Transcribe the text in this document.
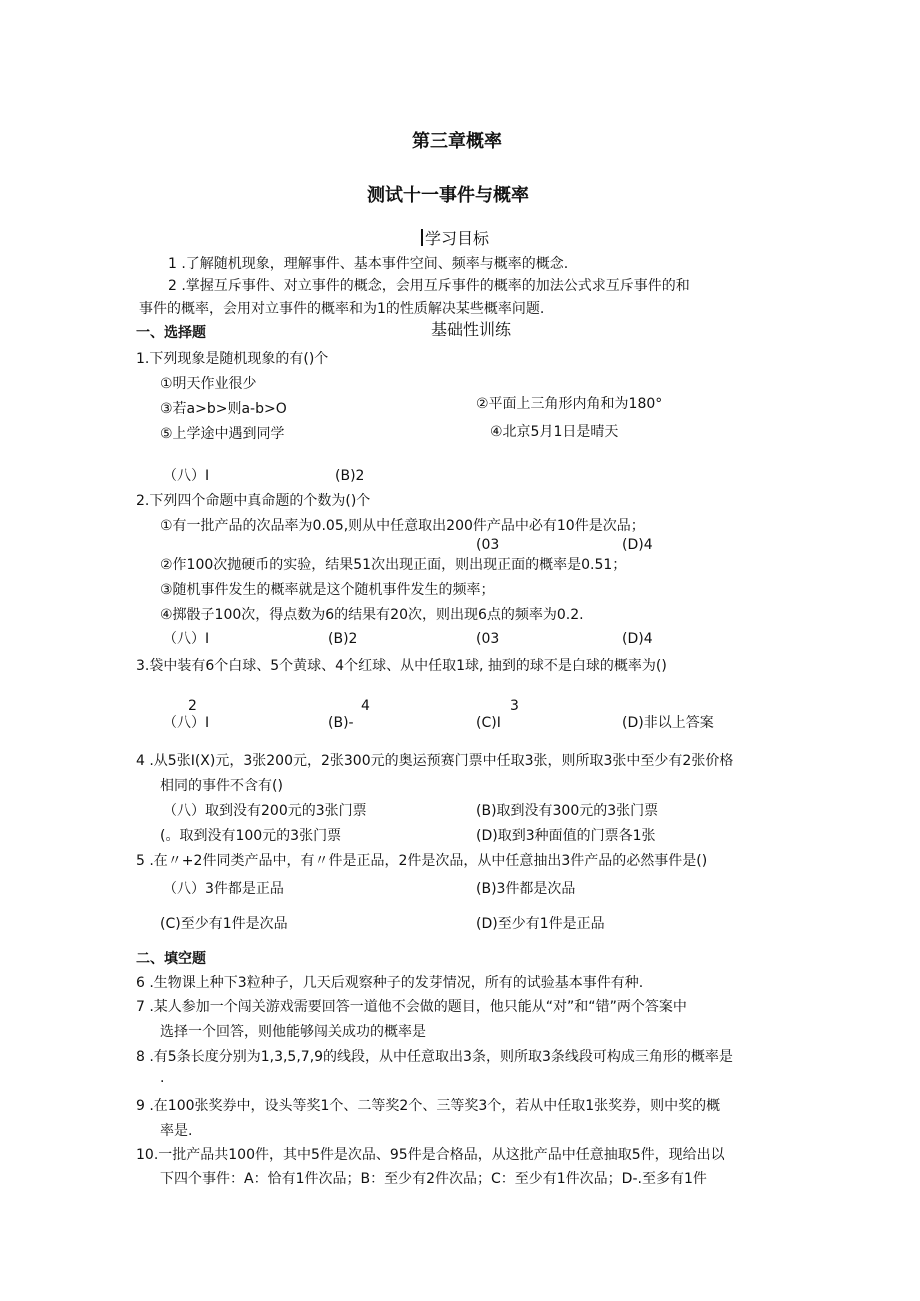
第三章概率
测试十一事件与概率
学习目标
1 .了解随机现象，理解事件、基本事件空间、频率与概率的概念.
2 .掌握互斥事件、对立事件的概念，会用互斥事件的概率的加法公式求互斥事件的和
事件的概率，会用对立事件的概率和为1的性质解决某些概率问题.
一、选择题	基础性训练
1.下列现象是随机现象的有()个
①明天作业很少
③若a>b>则a-b>O	②平面上三角形内角和为180°
⑤上学途中遇到同学	④北京5月1日是晴天
（八）I	(B)2
2.下列四个命题中真命题的个数为()个
①有一批产品的次品率为0.05,则从中任意取出200件产品中必有10件是次品；
(03	(D)4
②作100次抛硬币的实验，结果51次出现正面，则出现正面的概率是0.51；
③随机事件发生的概率就是这个随机事件发生的频率；
④掷骰子100次，得点数为6的结果有20次，则出现6点的频率为0.2.
（八）I	(B)2	(03	(D)4
3.袋中装有6个白球、5个黄球、4个红球、从中任取1球, 抽到的球不是白球的概率为()
2	4	3
（八）I	(B)-	(C)I	(D)非以上答案
4 .从5张I(X)元，3张200元，2张300元的奥运预赛门票中任取3张，则所取3张中至少有2张价格
相同的事件不含有()
（八）取到没有200元的3张门票	(B)取到没有300元的3张门票
(。取到没有100元的3张门票	(D)取到3种面值的门票各1张
5 .在〃+2件同类产品中，有〃件是正品，2件是次品，从中任意抽出3件产品的必然事件是()
（八）3件都是正品	(B)3件都是次品
(C)至少有1件是次品	(D)至少有1件是正品
二、填空题
6 .生物课上种下3粒种子，几天后观察种子的发芽情况，所有的试验基本事件有种.
7 .某人参加一个闯关游戏需要回答一道他不会做的题目，他只能从“对”和“错”两个答案中
选择一个回答，则他能够闯关成功的概率是
8 .有5条长度分别为1,3,5,7,9的线段，从中任意取出3条，则所取3条线段可构成三角形的概率是
.
9 .在100张奖券中，设头等奖1个、二等奖2个、三等奖3个，若从中任取1张奖券，则中奖的概
率是.
10.一批产品共100件，其中5件是次品、95件是合格品，从这批产品中任意抽取5件，现给出以
下四个事件：A：恰有1件次品；B：至少有2件次品；C：至少有1件次品；D-.至多有1件
